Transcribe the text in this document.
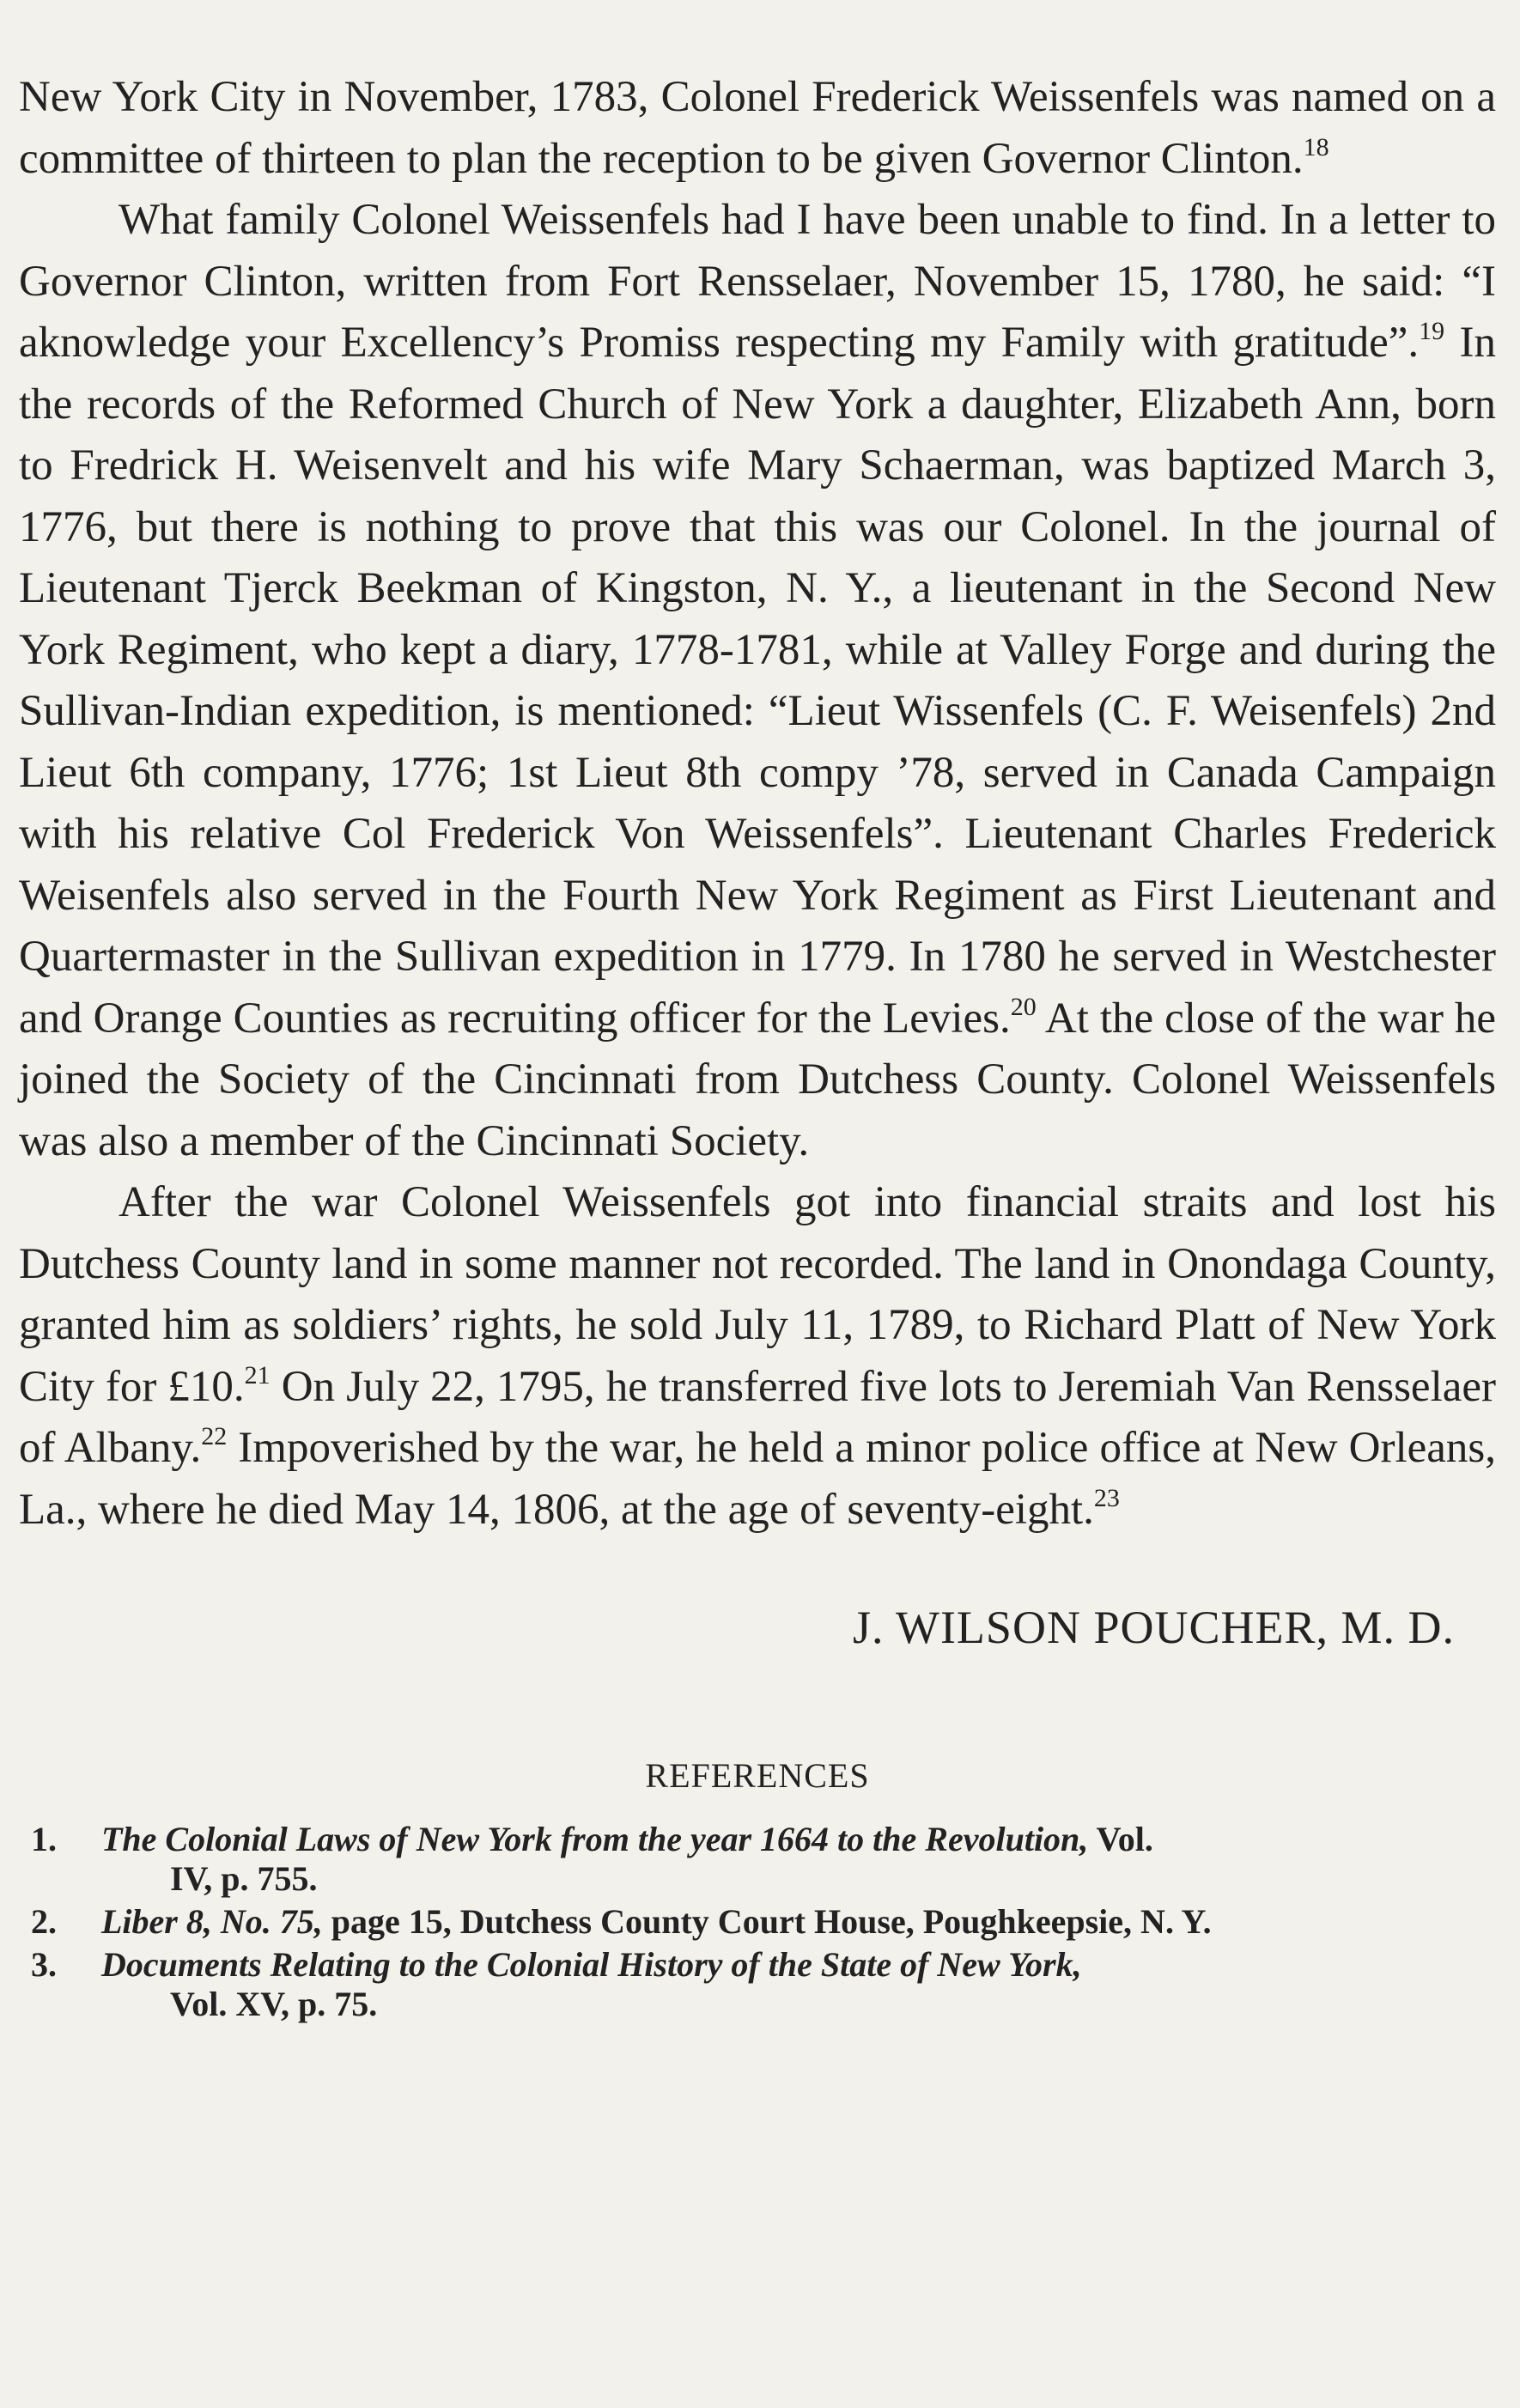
New York City in November, 1783, Colonel Frederick Weissenfels was named on a committee of thirteen to plan the reception to be given Governor Clinton.$^{18}$

What family Colonel Weissenfels had I have been unable to find. In a letter to Governor Clinton, written from Fort Rensselaer, November 15, 1780, he said: “I aknowledge your Excellency’s Promiss respecting my Family with gratitude”.$^{19}$ In the records of the Reformed Church of New York a daughter, Elizabeth Ann, born to Fredrick H. Weisenvelt and his wife Mary Schaerman, was baptized March 3, 1776, but there is nothing to prove that this was our Colonel. In the journal of Lieutenant Tjerck Beekman of Kingston, N. Y., a lieutenant in the Second New York Regiment, who kept a diary, 1778-1781, while at Valley Forge and during the Sullivan-Indian expedition, is mentioned: “Lieut Wissenfels (C. F. Weisenfels) 2nd Lieut 6th company, 1776; 1st Lieut 8th compy ’78, served in Canada Campaign with his relative Col Frederick Von Weissenfels”. Lieutenant Charles Frederick Weisenfels also served in the Fourth New York Regiment as First Lieutenant and Quartermaster in the Sullivan expedition in 1779. In 1780 he served in Westchester and Orange Counties as recruiting officer for the Levies.$^{20}$ At the close of the war he joined the Society of the Cincinnati from Dutchess County. Colonel Weissenfels was also a member of the Cincinnati Society.

After the war Colonel Weissenfels got into financial straits and lost his Dutchess County land in some manner not recorded. The land in Onondaga County, granted him as soldiers’ rights, he sold July 11, 1789, to Richard Platt of New York City for £10.21 On July 22, 1795, he transferred five lots to Jeremiah Van Rensselaer of Albany.$^{22}$ Impoverished by the war, he held a minor police office at New Orleans, La., where he died May 14, 1806, at the age of seventy-eight.$^{23}$

J. WILSON POUCHER, M. D.
REFERENCES
1.	The Colonial Laws of New York from the year 1664 to the Revolution, Vol.
IV, p. 755.
2.	Liber 8, No. 75, page 15, Dutchess County Court House, Poughkeepsie, N. Y.
3.	Documents Relating to the Colonial History of the State of New York,
Vol. XV, p. 75.
